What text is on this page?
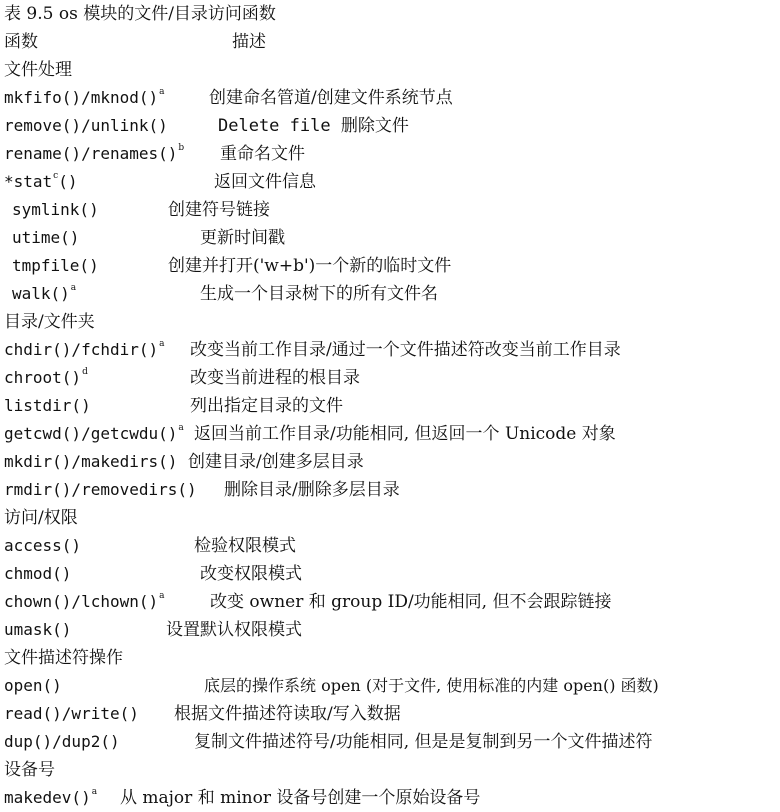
表 9.5 os 模块的文件/目录访问函数
函数	描述
文件处理
mkfifo()/mknod()$^a$	创建命名管道/创建文件系统节点
remove()/unlink()	Delete file 删除文件
rename()/renames()$^b$ 重命名文件
*stat$^c$()	返回文件信息
symlink()	创建符号链接
utime()	更新时间戳
tmpfile()	创建并打开('w+b')一个新的临时文件
walk()$^a$	生成一个目录树下的所有文件名
目录/文件夹
chdir()/fchdir()$^a$ 改变当前工作目录/通过一个文件描述符改变当前工作目录
chroot()$^d$	改变当前进程的根目录
listdir()	列出指定目录的文件
getcwd()/getcwdu()$^a$ 返回当前工作目录/功能相同, 但返回一个 Unicode 对象
mkdir()/makedirs() 创建目录/创建多层目录
rmdir()/removedirs() 删除目录/删除多层目录
访问/权限
access()	检验权限模式
chmod()	改变权限模式
chown()/lchown()$^a$	改变 owner 和 group ID/功能相同, 但不会跟踪链接
umask()	设置默认权限模式
文件描述符操作
open()	底层的操作系统 open (对于文件, 使用标准的内建 open() 函数)
read()/write() 根据文件描述符读取/写入数据
dup()/dup2()	复制文件描述符号/功能相同, 但是是复制到另一个文件描述符
设备号
makedev()$^a$ 从 major 和 minor 设备号创建一个原始设备号
